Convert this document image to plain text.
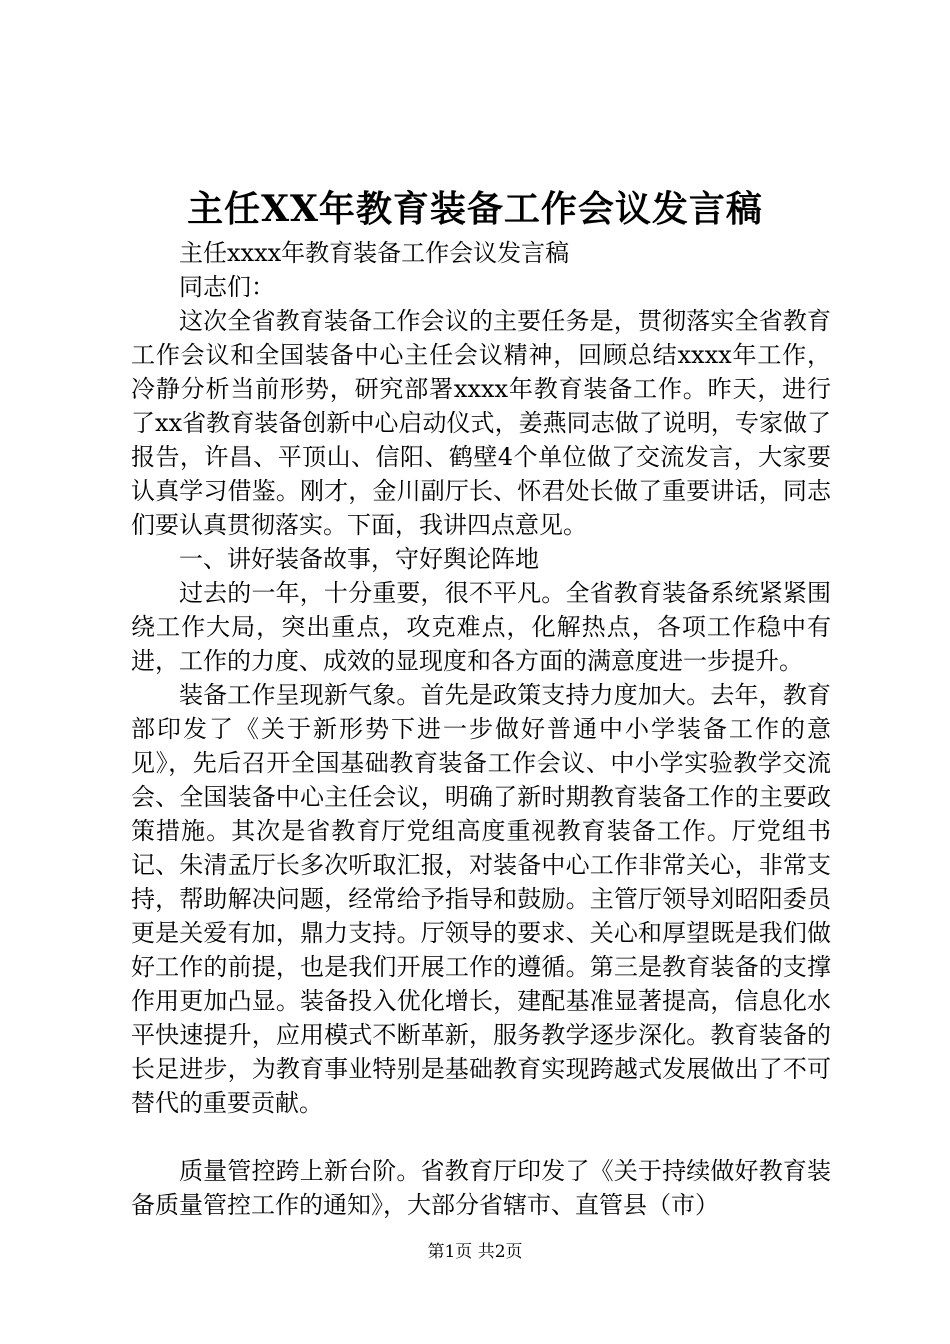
主任XX年教育装备工作会议发言稿

主任xxxx年教育装备工作会议发言稿

同志们：

这次全省教育装备工作会议的主要任务是，贯彻落实全省教育工作会议和全国装备中心主任会议精神，回顾总结xxxx年工作，冷静分析当前形势，研究部署xxxx年教育装备工作。昨天，进行了xx省教育装备创新中心启动仪式，姜燕同志做了说明，专家做了报告，许昌、平顶山、信阳、鹤壁4个单位做了交流发言，大家要认真学习借鉴。刚才，金川副厅长、怀君处长做了重要讲话，同志们要认真贯彻落实。下面，我讲四点意见。

一、讲好装备故事，守好舆论阵地

过去的一年，十分重要，很不平凡。全省教育装备系统紧紧围绕工作大局，突出重点，攻克难点，化解热点，各项工作稳中有进，工作的力度、成效的显现度和各方面的满意度进一步提升。

装备工作呈现新气象。首先是政策支持力度加大。去年，教育部印发了《关于新形势下进一步做好普通中小学装备工作的意见》，先后召开全国基础教育装备工作会议、中小学实验教学交流会、全国装备中心主任会议，明确了新时期教育装备工作的主要政策措施。其次是省教育厅党组高度重视教育装备工作。厅党组书记、朱清孟厅长多次听取汇报，对装备中心工作非常关心，非常支持，帮助解决问题，经常给予指导和鼓励。主管厅领导刘昭阳委员更是关爱有加，鼎力支持。厅领导的要求、关心和厚望既是我们做好工作的前提，也是我们开展工作的遵循。第三是教育装备的支撑作用更加凸显。装备投入优化增长，建配基准显著提高，信息化水平快速提升，应用模式不断革新，服务教学逐步深化。教育装备的长足进步，为教育事业特别是基础教育实现跨越式发展做出了不可替代的重要贡献。

质量管控跨上新台阶。省教育厅印发了《关于持续做好教育装备质量管控工作的通知》，大部分省辖市、直管县（市）

第1页 共2页
